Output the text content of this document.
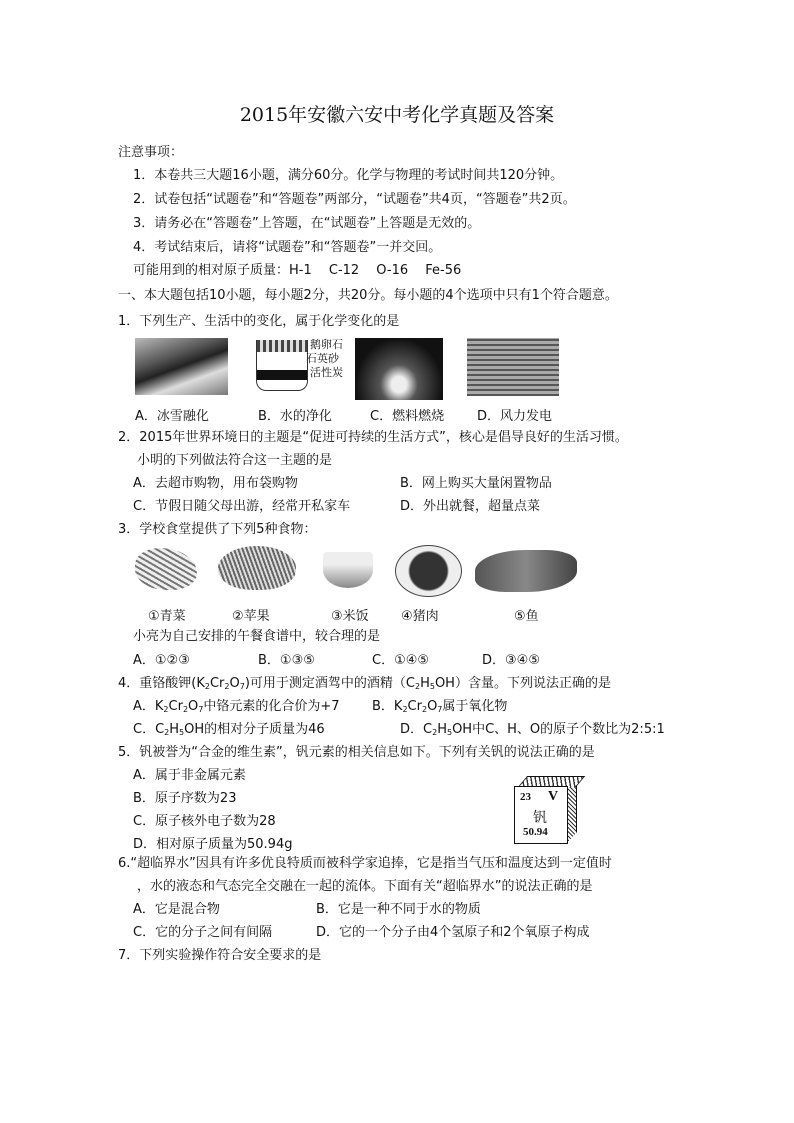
2015年安徽六安中考化学真题及答案
注意事项：
1．本卷共三大题16小题，满分60分。化学与物理的考试时间共120分钟。
2．试卷包括“试题卷”和“答题卷”两部分，“试题卷”共4页，“答题卷”共2页。
3．请务必在“答题卷”上答题，在“试题卷”上答题是无效的。
4．考试结束后，请将“试题卷”和“答题卷”一并交回。
可能用到的相对原子质量：H-1　 C-12　 O-16　 Fe-56
一、本大题包括10小题，每小题2分，共20分。每小题的4个选项中只有1个符合题意。
1．下列生产、生活中的变化，属于化学变化的是
鹅卵石
石英砂
活性炭
A．冰雪融化	B．水的净化	C．燃料燃烧	D．风力发电
2．2015年世界环境日的主题是“促进可持续的生活方式”，核心是倡导良好的生活习惯。
小明的下列做法符合这一主题的是
A．去超市购物，用布袋购物	B．网上购买大量闲置物品
C．节假日随父母出游，经常开私家车	D．外出就餐，超量点菜
3．学校食堂提供了下列5种食物：
①青菜	②苹果	③米饭 ④猪肉	⑤鱼
小亮为自己安排的午餐食谱中，较合理的是
A．①②③	B．①③⑤	C．①④⑤	D．③④⑤
4．重铬酸钾$(K_2Cr_2O_7)$可用于测定酒驾中的酒精$(C_2H_5OH)$含量。下列说法正确的是
A．$K_2Cr_2O_7$中铬元素的化合价为+7 B．$K_2Cr_2O_7$属于氧化物
C．$C_2H_5OH$的相对分子质量为46	D．$C_2H_5OH$中C、H、O的原子个数比为2:5:1
5．钒被誉为“合金的维生素”，钒元素的相关信息如下。下列有关钒的说法正确的是
A．属于非金属元素
B．原子序数为23
C．原子核外电子数为28
D．相对原子质量为50.94g
23 V
钒
50.94
6.“超临界水”因具有许多优良特质而被科学家追捧，它是指当气压和温度达到一定值时
，水的液态和气态完全交融在一起的流体。下面有关“超临界水”的说法正确的是
A．它是混合物	B．它是一种不同于水的物质
C．它的分子之间有间隔	D．它的一个分子由4个氢原子和2个氧原子构成
7．下列实验操作符合安全要求的是
